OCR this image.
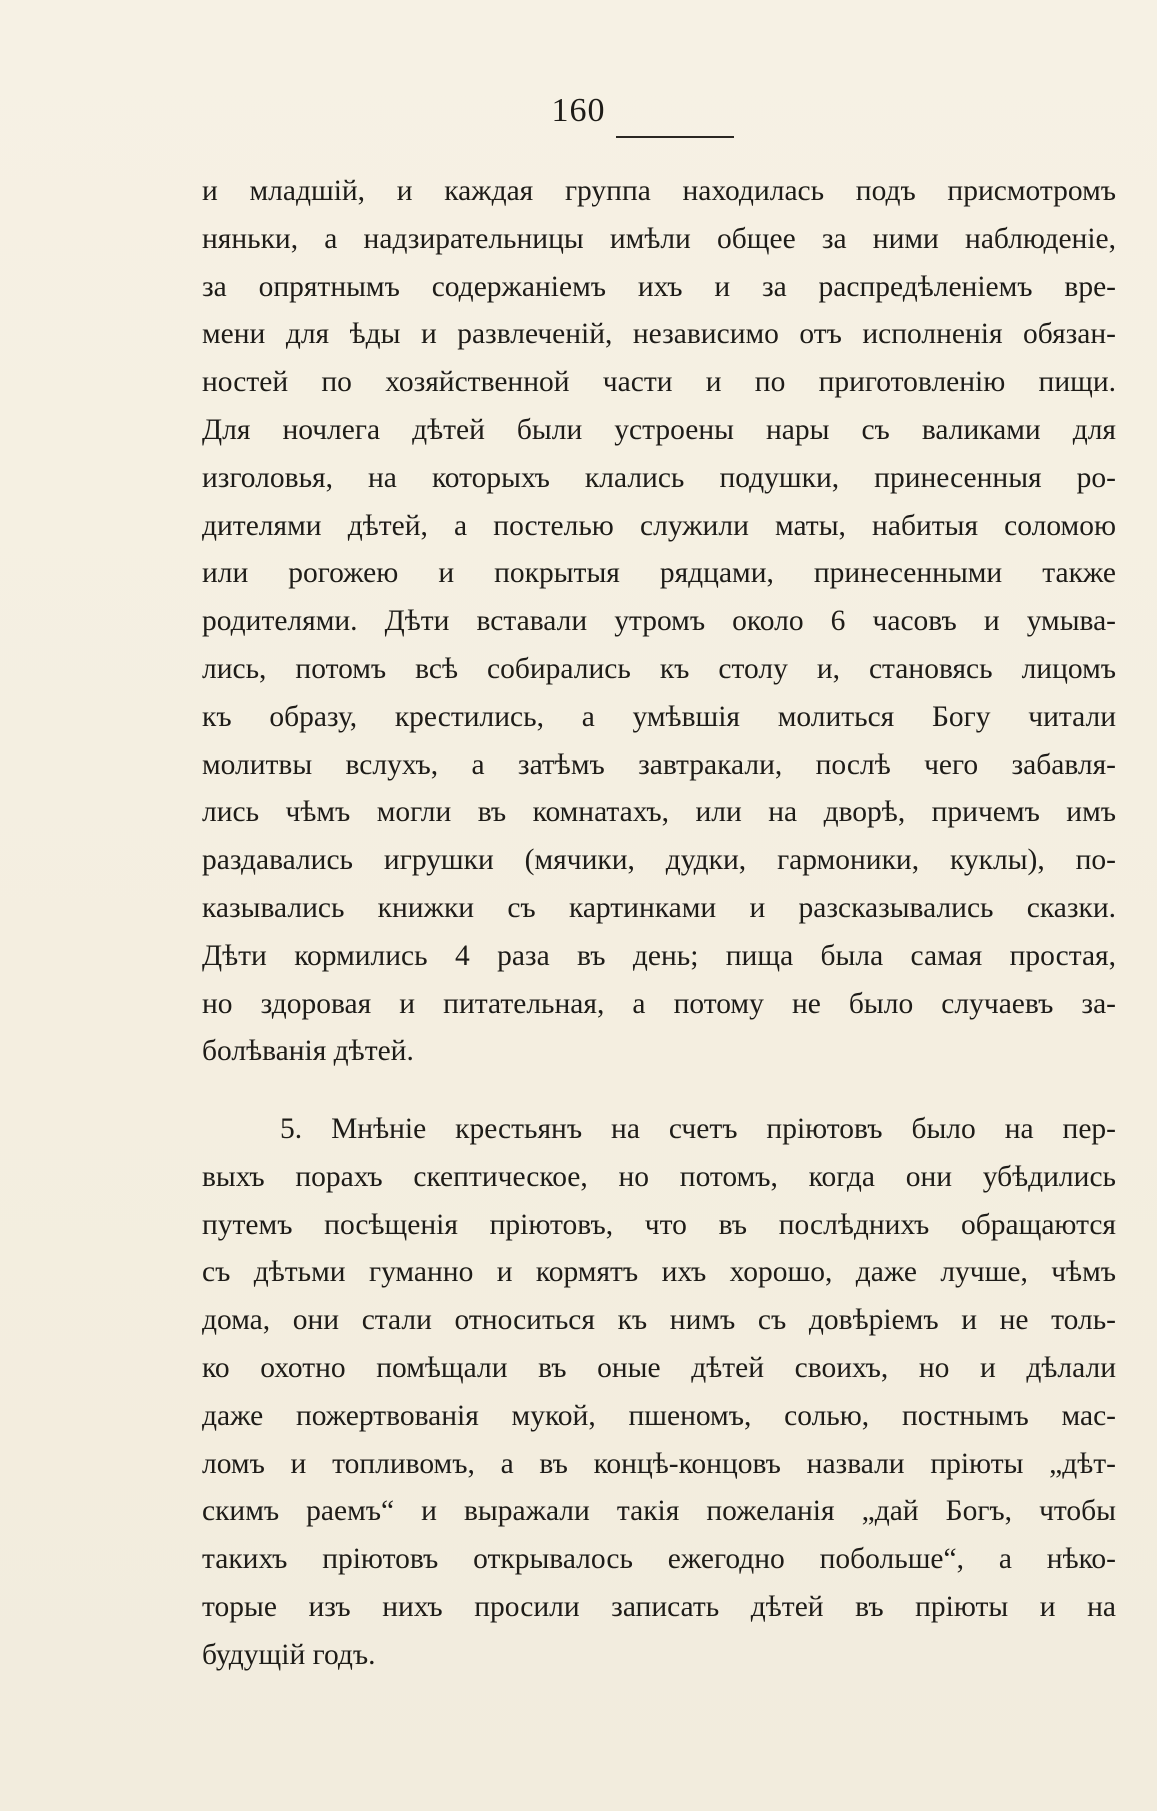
160
и младшій, и каждая группа находилась подъ присмотромъ
няньки, а надзирательницы имѣли общее за ними наблюденіе,
за опрятнымъ содержаніемъ ихъ и за распредѣленіемъ вре-
мени для ѣды и развлеченій, независимо отъ исполненія обязан-
ностей по хозяйственной части и по приготовленію пищи.
Для ночлега дѣтей были устроены нары съ валиками для
изголовья, на которыхъ клались подушки, принесенныя ро-
дителями дѣтей, а постелью служили маты, набитыя соломою
или рогожею и покрытыя рядцами, принесенными также
родителями. Дѣти вставали утромъ около 6 часовъ и умыва-
лись, потомъ всѣ собирались къ столу и, становясь лицомъ
къ образу, крестились, а умѣвшія молиться Богу читали
молитвы вслухъ, а затѣмъ завтракали, послѣ чего забавля-
лись чѣмъ могли въ комнатахъ, или на дворѣ, причемъ имъ
раздавались игрушки (мячики, дудки, гармоники, куклы), по-
казывались книжки съ картинками и разсказывались сказки.
Дѣти кормились 4 раза въ день; пища была самая простая,
но здоровая и питательная, а потому не было случаевъ за-
болѣванія дѣтей.
5. Мнѣніе крестьянъ на счетъ пріютовъ было на пер-
выхъ порахъ скептическое, но потомъ, когда они убѣдились
путемъ посѣщенія пріютовъ, что въ послѣднихъ обращаются
съ дѣтьми гуманно и кормятъ ихъ хорошо, даже лучше, чѣмъ
дома, они стали относиться къ нимъ съ довѣріемъ и не толь-
ко охотно помѣщали въ оные дѣтей своихъ, но и дѣлали
даже пожертвованія мукой, пшеномъ, солью, постнымъ мас-
ломъ и топливомъ, а въ концѣ-концовъ назвали пріюты „дѣт-
скимъ раемъ“ и выражали такія пожеланія „дай Богъ, чтобы
такихъ пріютовъ открывалось ежегодно побольше“, а нѣко-
торые изъ нихъ просили записать дѣтей въ пріюты и на
будущій годъ.
